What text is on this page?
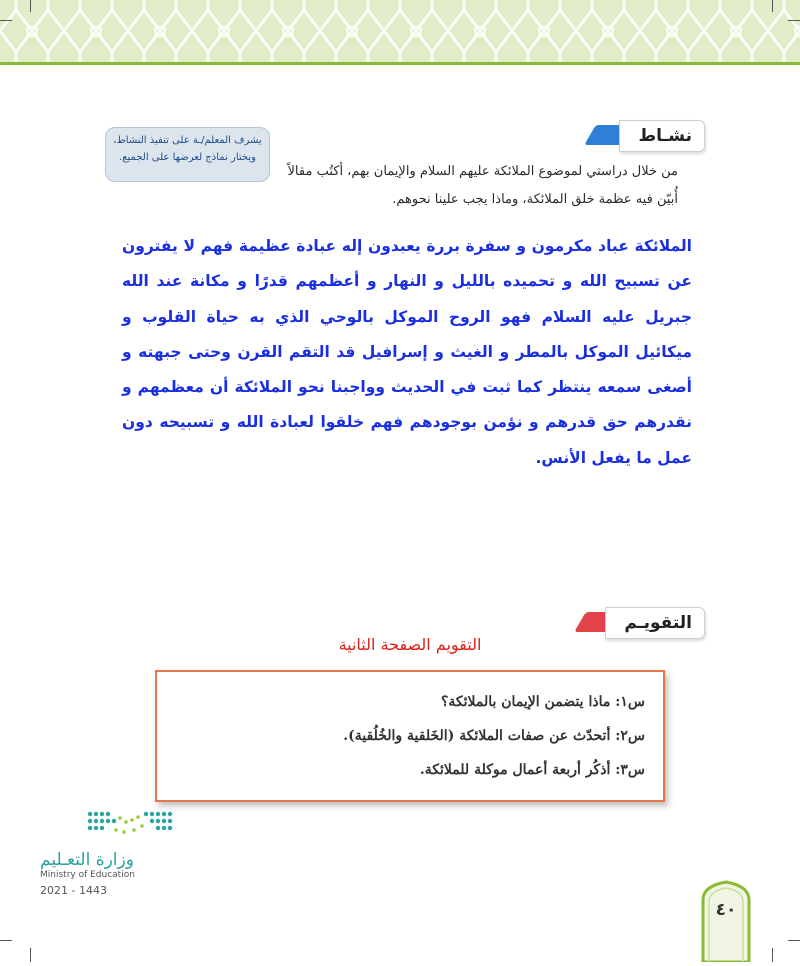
نشـاط
يشرف المعلم/ـة على تنفيذ النشاط،
ويختار نماذج لعرضها على الجميع.
من خلال دراستي لموضوع الملائكة عليهم السلام والإيمان بهم، أكتُب مقالاً
أُبيّن فيه عظمة خلق الملائكة، وماذا يجب علينا نحوهم.
الملائكة عباد مكرمون و سفرة بررة يعبدون إله عبادة عظيمة فهم لا يفترون عن تسبيح الله و تحميده بالليل و النهار و أعظمهم قدرًا و مكانة عند الله جبريل عليه السلام فهو الروح الموكل بالوحي الذي به حياة القلوب و ميكائيل الموكل بالمطر و الغيث و إسرافيل قد التقم القرن وحتى جبهته و أصغى سمعه ينتظر كما ثبت في الحديث وواجبنا نحو الملائكة أن معظمهم و نقدرهم حق قدرهم و نؤمن بوجودهم فهم خلقوا لعبادة الله و تسبيحه دون عمل ما يفعل الأنس.
التقويـم
التقويم الصفحة الثانية
س١: ماذا يتضمن الإيمان بالملائكة؟
س٢: أتحدّث عن صفات الملائكة (الخَلقية والخُلُقية).
س٣: أذكُر أربعة أعمال موكلة للملائكة.
وزارة التعـليم
Ministry of Education
2021 - 1443
٤٠
